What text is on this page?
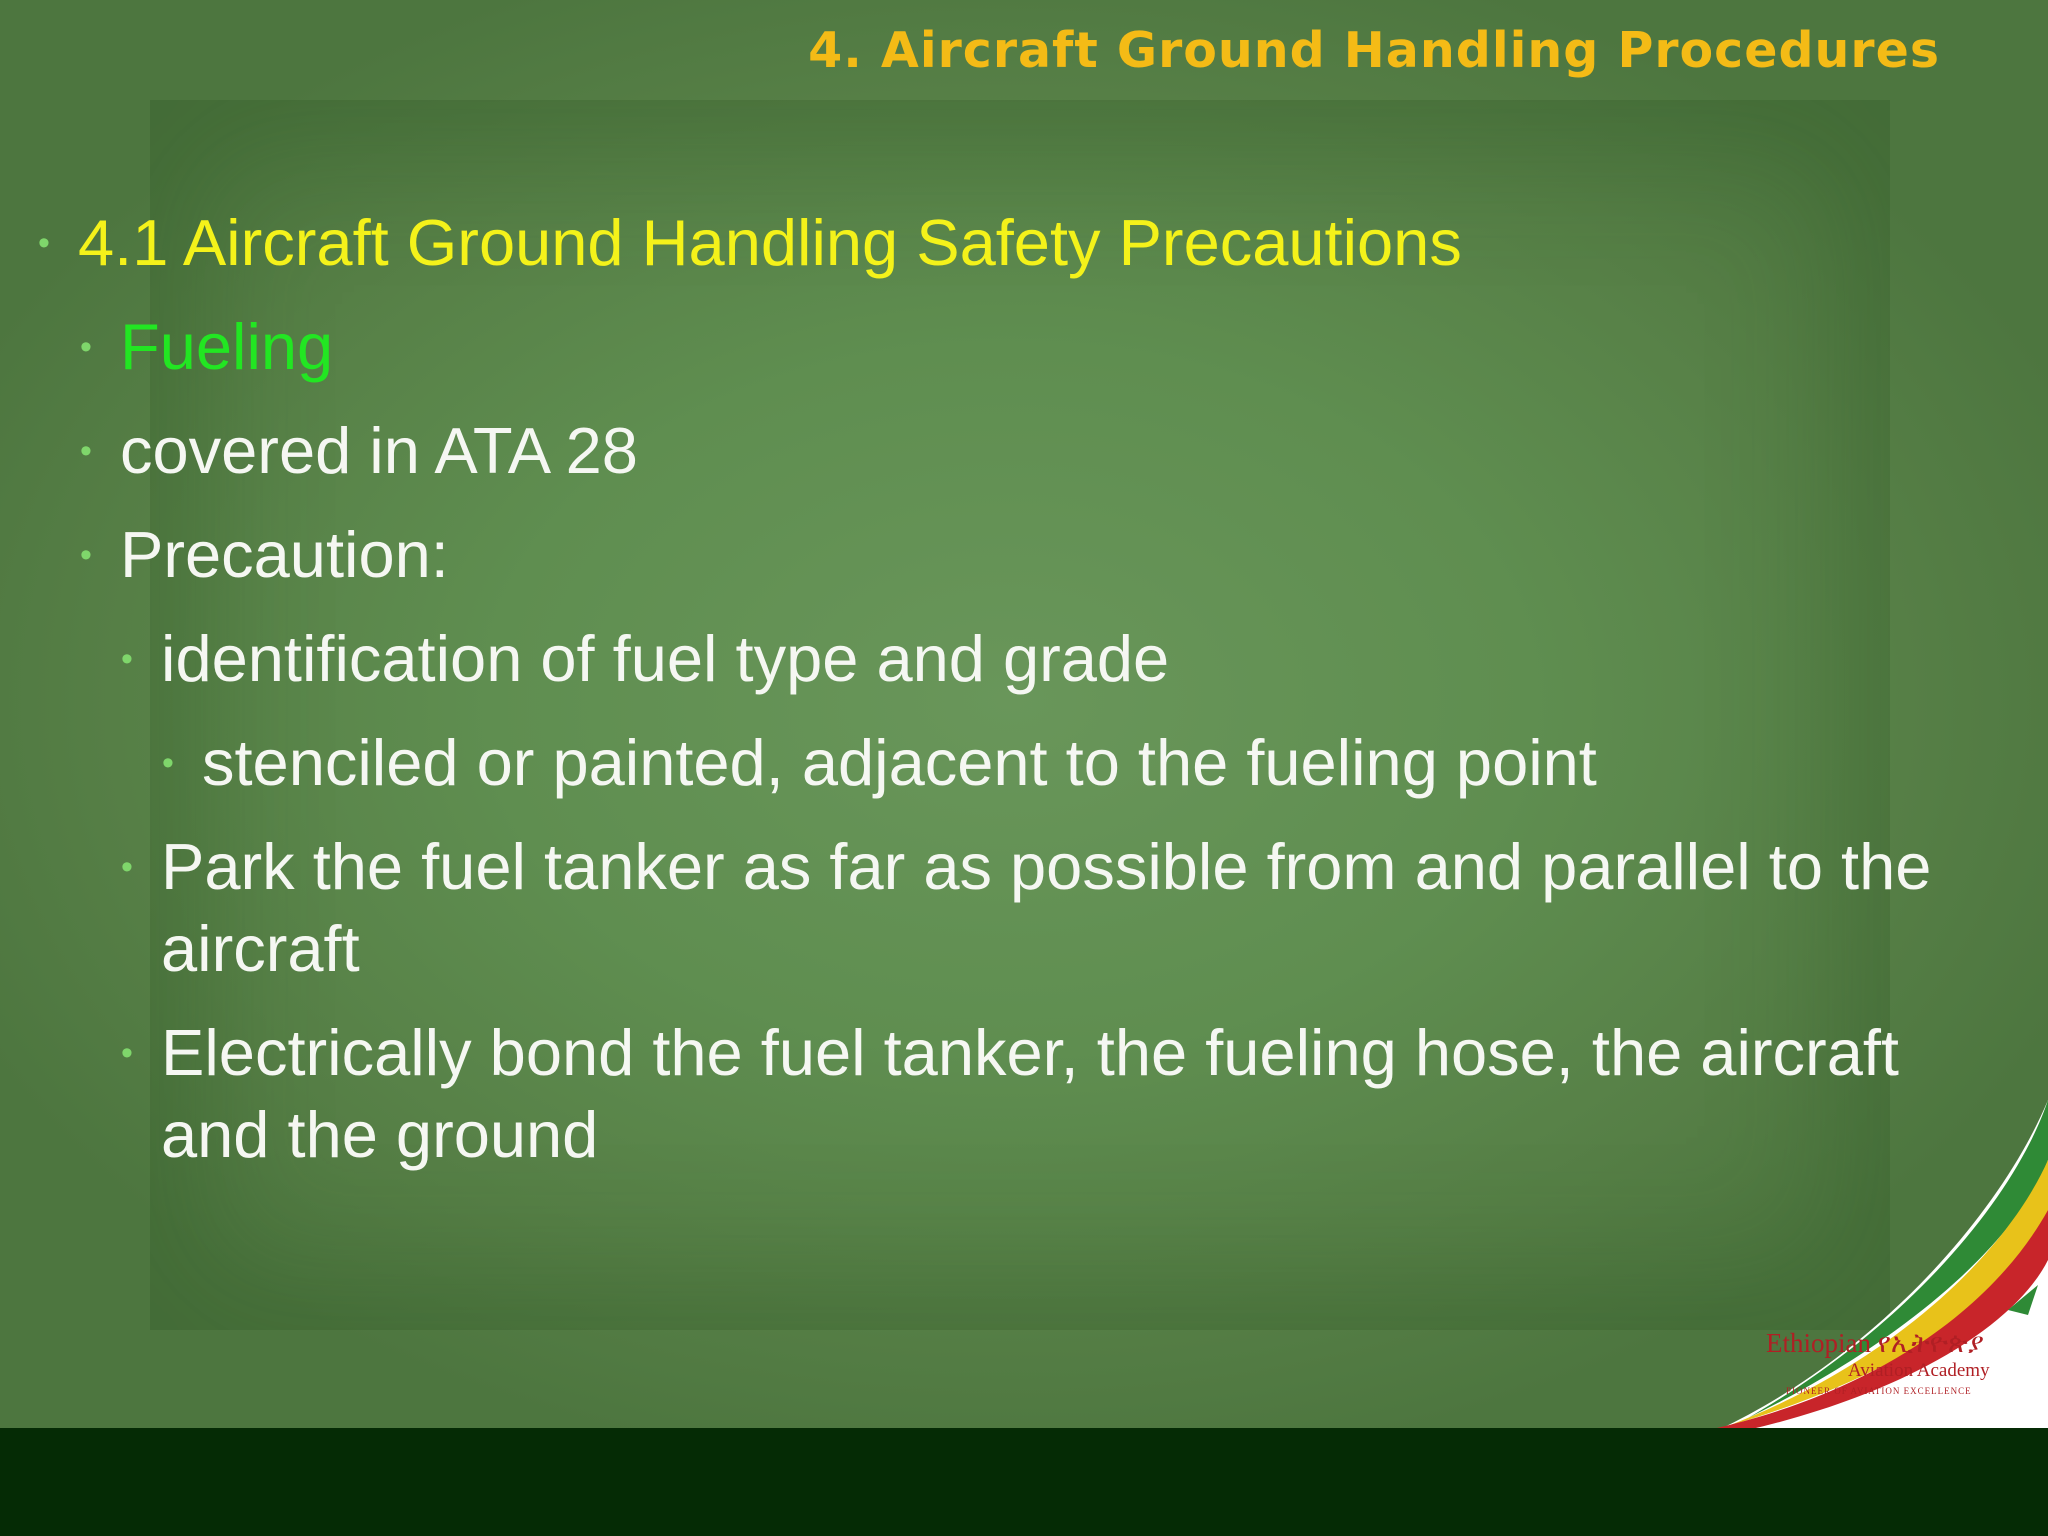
4. Aircraft Ground Handling Procedures
• 4.1 Aircraft Ground Handling Safety Precautions
• Fueling
• covered in ATA 28
• Precaution:
• identification of fuel type and grade
• stenciled or painted, adjacent to the fueling point
• Park the fuel tanker as far as possible from and parallel to the aircraft
• Electrically bond the fuel tanker, the fueling hose, the aircraft and the ground
Ethiopian የኢትዮጵያ
Aviation Academy
PIONEER OF AVIATION EXCELLENCE
